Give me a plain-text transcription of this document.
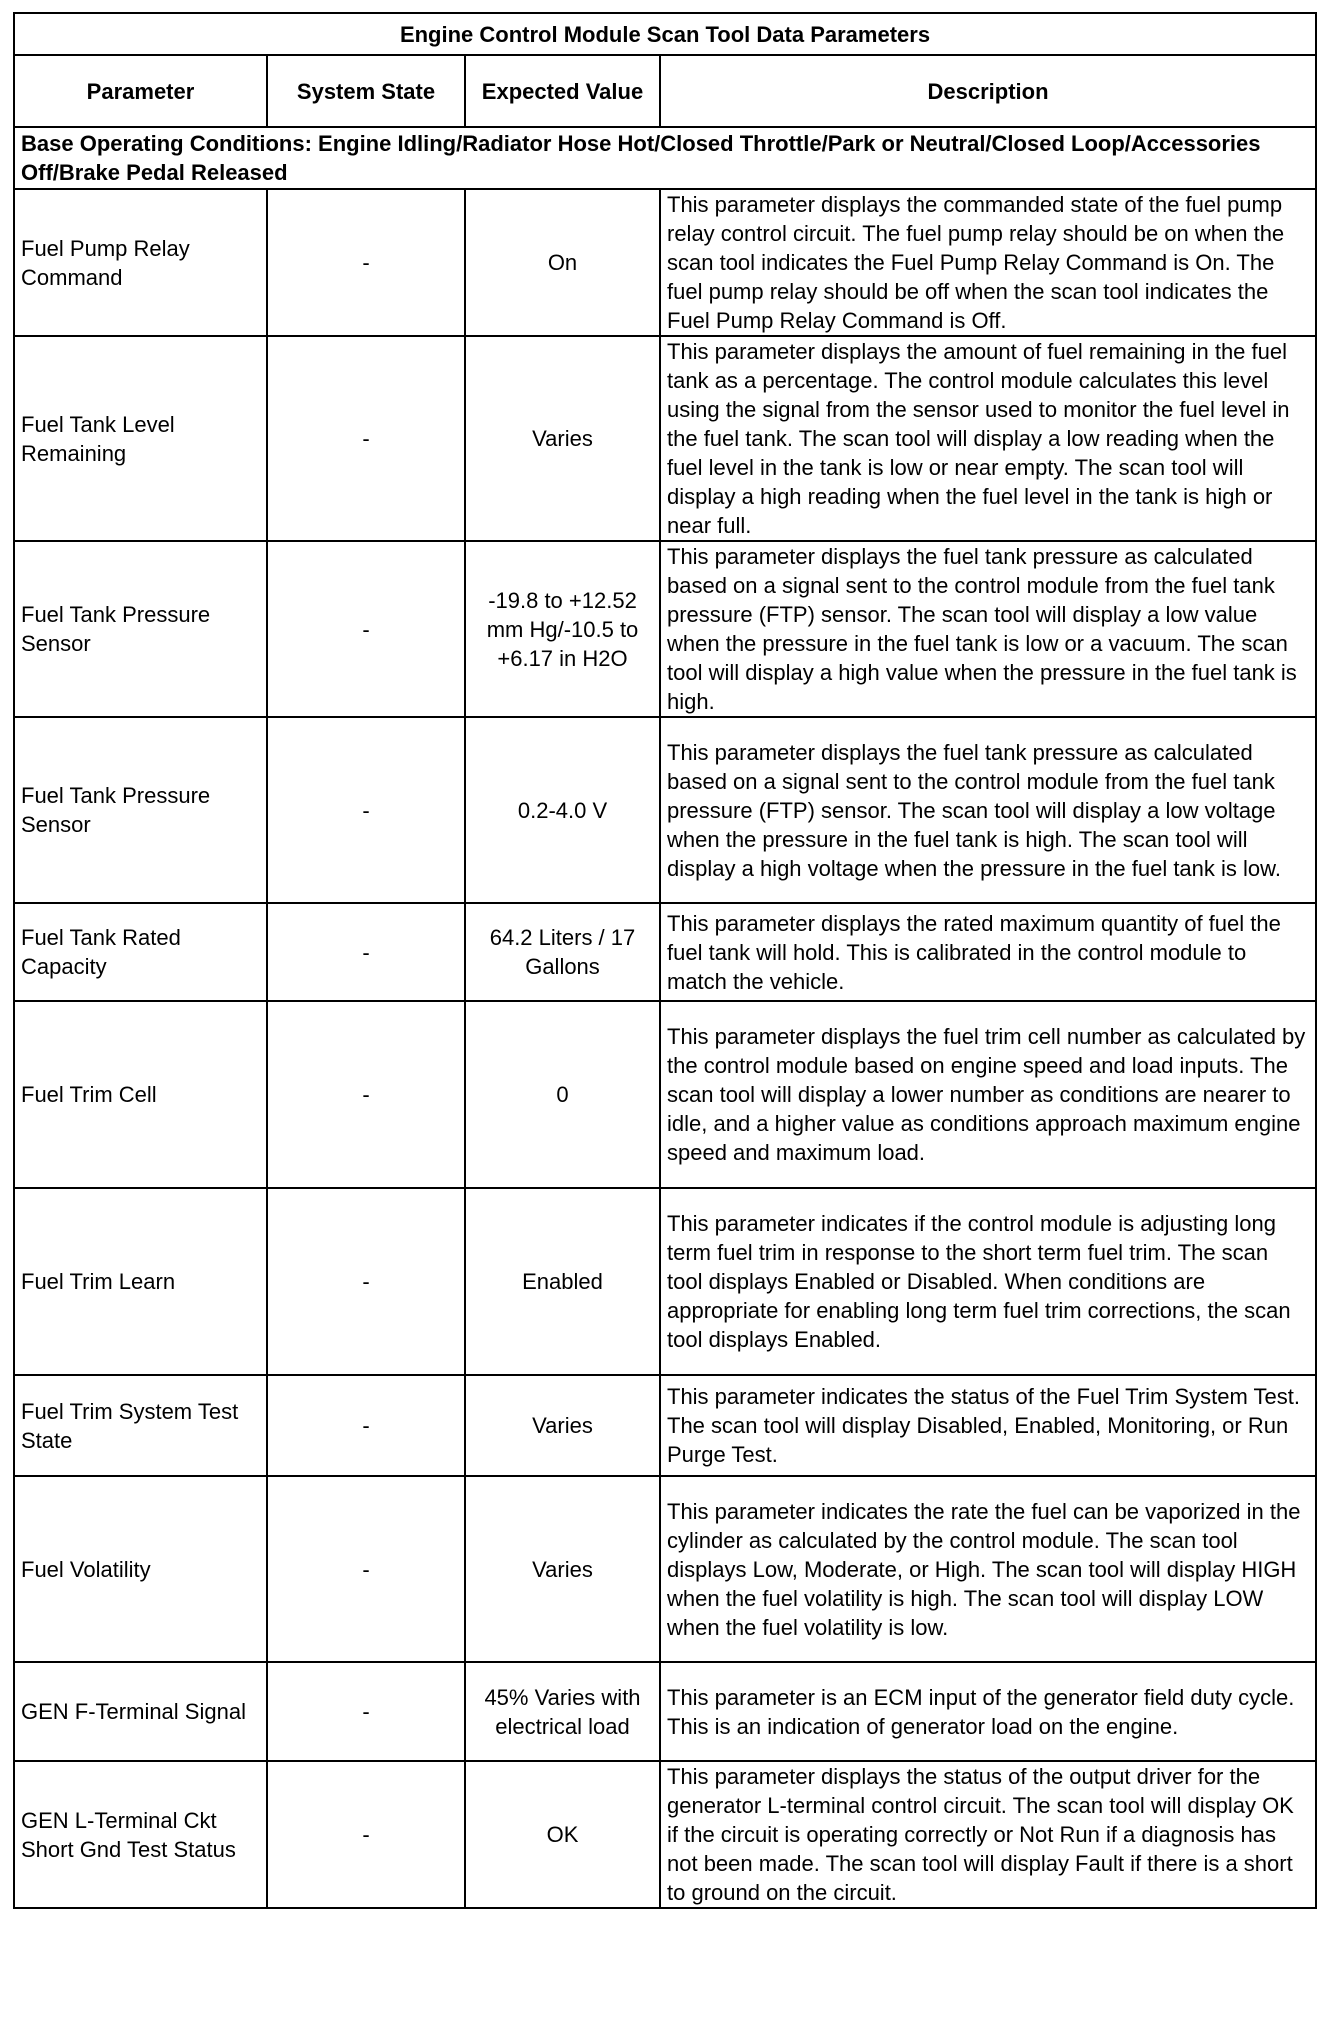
Engine Control Module Scan Tool Data Parameters			
Parameter	System State	Expected Value	Description
Base Operating Conditions: Engine Idling/Radiator Hose Hot/Closed Throttle/Park or Neutral/Closed Loop/Accessories Off/Brake Pedal Released			
Fuel Pump Relay Command	-	On	This parameter displays the commanded state of the fuel pump relay control circuit. The fuel pump relay should be on when the scan tool indicates the Fuel Pump Relay Command is On. The fuel pump relay should be off when the scan tool indicates the Fuel Pump Relay Command is Off.
Fuel Tank Level Remaining	-	Varies	This parameter displays the amount of fuel remaining in the fuel tank as a percentage. The control module calculates this level using the signal from the sensor used to monitor the fuel level in the fuel tank. The scan tool will display a low reading when the fuel level in the tank is low or near empty. The scan tool will display a high reading when the fuel level in the tank is high or near full.
Fuel Tank Pressure Sensor	-	-19.8 to +12.52 mm Hg/-10.5 to +6.17 in H2O	This parameter displays the fuel tank pressure as calculated based on a signal sent to the control module from the fuel tank pressure (FTP) sensor. The scan tool will display a low value when the pressure in the fuel tank is low or a vacuum. The scan tool will display a high value when the pressure in the fuel tank is high.
Fuel Tank Pressure Sensor	-	0.2-4.0 V	This parameter displays the fuel tank pressure as calculated based on a signal sent to the control module from the fuel tank pressure (FTP) sensor. The scan tool will display a low voltage when the pressure in the fuel tank is high. The scan tool will display a high voltage when the pressure in the fuel tank is low.
Fuel Tank Rated Capacity	-	64.2 Liters / 17 Gallons	This parameter displays the rated maximum quantity of fuel the fuel tank will hold. This is calibrated in the control module to match the vehicle.
Fuel Trim Cell	-	0	This parameter displays the fuel trim cell number as calculated by the control module based on engine speed and load inputs. The scan tool will display a lower number as conditions are nearer to idle, and a higher value as conditions approach maximum engine speed and maximum load.
Fuel Trim Learn	-	Enabled	This parameter indicates if the control module is adjusting long term fuel trim in response to the short term fuel trim. The scan tool displays Enabled or Disabled. When conditions are appropriate for enabling long term fuel trim corrections, the scan tool displays Enabled.
Fuel Trim System Test State	-	Varies	This parameter indicates the status of the Fuel Trim System Test. The scan tool will display Disabled, Enabled, Monitoring, or Run Purge Test.
Fuel Volatility	-	Varies	This parameter indicates the rate the fuel can be vaporized in the cylinder as calculated by the control module. The scan tool displays Low, Moderate, or High. The scan tool will display HIGH when the fuel volatility is high. The scan tool will display LOW when the fuel volatility is low.
GEN F-Terminal Signal	-	45% Varies with electrical load	This parameter is an ECM input of the generator field duty cycle. This is an indication of generator load on the engine.
GEN L-Terminal Ckt Short Gnd Test Status	-	OK	This parameter displays the status of the output driver for the generator L-terminal control circuit. The scan tool will display OK if the circuit is operating correctly or Not Run if a diagnosis has not been made. The scan tool will display Fault if there is a short to ground on the circuit.
